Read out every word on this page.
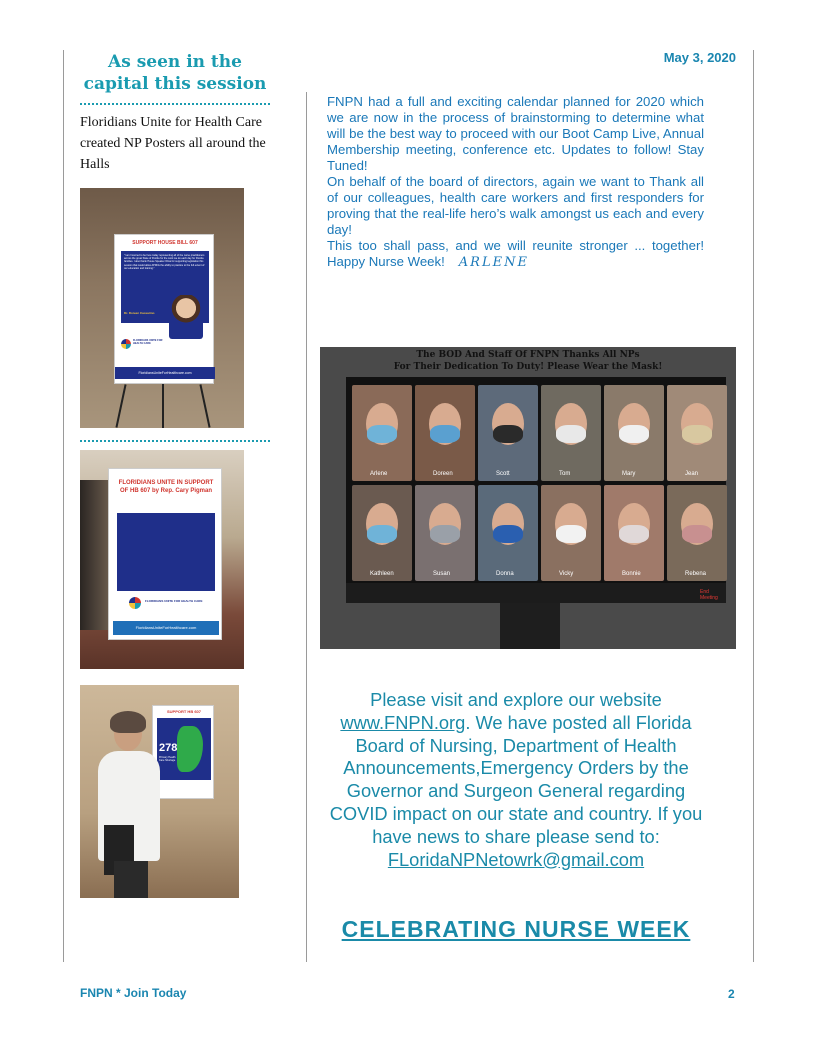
As seen in the capital this session
Floridians Unite for Health Care created NP Posters all around the Halls
SUPPORT HOUSE BILL 607
"I am honored to be here today representing all of the nurse practitioners across the great State of Florida for the work we do each day for Florida families. I also thank House Speaker Oliva for supporting legislation this session that would allow APRNs the ability to practice to the full extent of our education and training."
Dr. Doreen Cassarino
FLORIDIANS UNITE FOR HEALTH CARE
FloridiansUniteForHealthcare.com
FLORIDIANS UNITE IN SUPPORT OF HB 607 by Rep. Cary Pigman
FLORIDIANS UNITE FOR HEALTH CARE
FloridiansUniteForHealthcare.com
SUPPORT HB 607
278
Primary Health Care Shortage
May 3, 2020

FNPN had a full and exciting calendar planned for 2020 which we are now in the process of brainstorming to determine what will be the best way to proceed with our Boot Camp Live, Annual Membership meeting, conference etc. Updates to follow! Stay Tuned!

On behalf of the board of directors, again we want to Thank all of our colleagues, health care workers and first responders for proving that the real-life hero’s walk amongst us each and every day!

This too shall pass, and we will reunite stronger ... together! Happy Nurse Week! ARLENE

The BOD And Staff Of FNPN Thanks All NPs
For Their Dedication To Duty! Please Wear the Mask!
Arlene	Doreen	Scott	Tom	Mary	Jean
Kathleen	Susan	Donna	Vicky	Bonnie	Rebena
End Meeting
Please visit and explore our website www.FNPN.org. We have posted all Florida Board of Nursing, Department of Health Announcements,Emergency Orders by the Governor and Surgeon General regarding COVID impact on our state and country. If you have news to share please send to: FLoridaNPNetowrk@gmail.com
CELEBRATING NURSE WEEK
FNPN * Join Today	2
